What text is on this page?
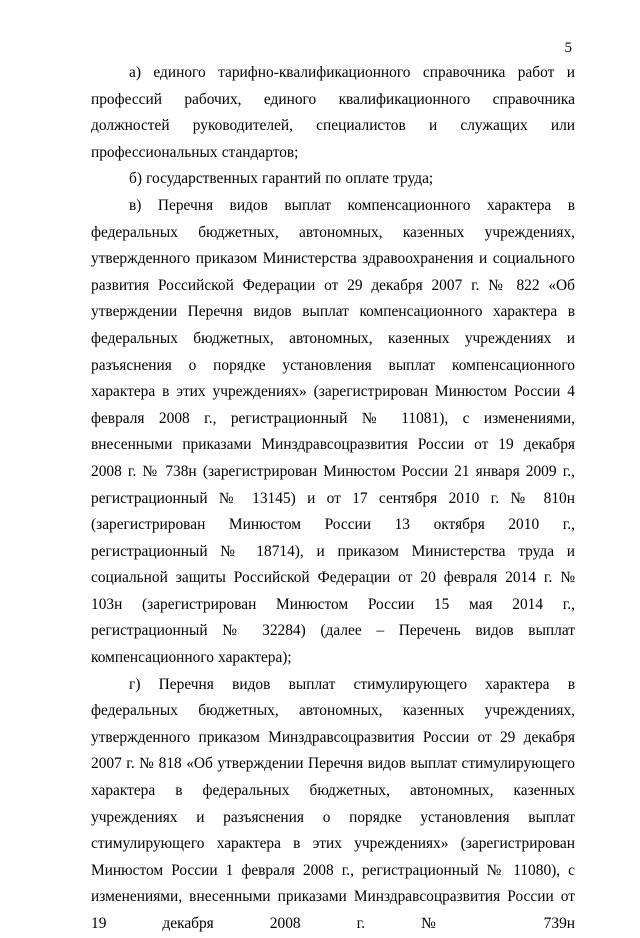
5

а) единого тарифно-квалификационного справочника работ и профессий рабочих, единого квалификационного справочника должностей руководителей, специалистов и служащих или профессиональных стандартов;

б) государственных гарантий по оплате труда;

в) Перечня видов выплат компенсационного характера в федеральных бюджетных, автономных, казенных учреждениях, утвержденного приказом Министерства здравоохранения и социального развития Российской Федерации от 29 декабря 2007 г. № 822 «Об утверждении Перечня видов выплат компенсационного характера в федеральных бюджетных, автономных, казенных учреждениях и разъяснения о порядке установления выплат компенсационного характера в этих учреждениях» (зарегистрирован Минюстом России 4 февраля 2008 г., регистрационный № 11081), с изменениями, внесенными приказами Минздравсоцразвития России от 19 декабря 2008 г. № 738н (зарегистрирован Минюстом России 21 января 2009 г., регистрационный № 13145) и от 17 сентября 2010 г. № 810н (зарегистрирован Минюстом России 13 октября 2010 г., регистрационный № 18714), и приказом Министерства труда и социальной защиты Российской Федерации от 20 февраля 2014 г. № 103н (зарегистрирован Минюстом России 15 мая 2014 г., регистрационный № 32284) (далее – Перечень видов выплат компенсационного характера);

г) Перечня видов выплат стимулирующего характера в федеральных бюджетных, автономных, казенных учреждениях, утвержденного приказом Минздравсоцразвития России от 29 декабря 2007 г. № 818 «Об утверждении Перечня видов выплат стимулирующего характера в федеральных бюджетных, автономных, казенных учреждениях и разъяснения о порядке установления выплат стимулирующего характера в этих учреждениях» (зарегистрирован Минюстом России 1 февраля 2008 г., регистрационный № 11080), с изменениями, внесенными приказами Минздравсоцразвития России от 19 декабря 2008 г. № 739н
